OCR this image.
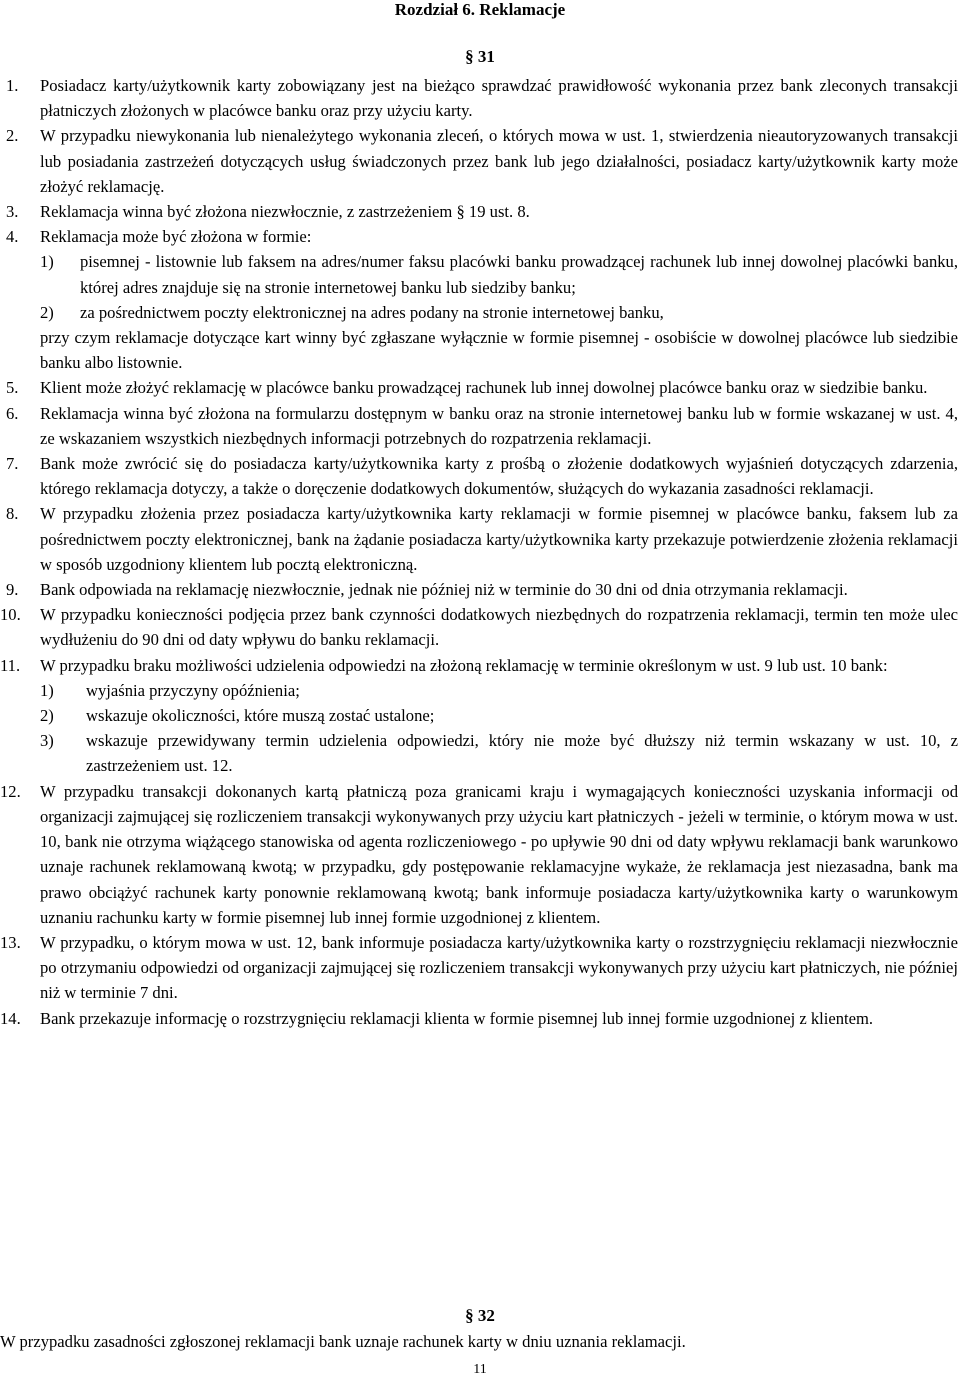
Rozdział 6. Reklamacje
§ 31
1. Posiadacz karty/użytkownik karty zobowiązany jest na bieżąco sprawdzać prawidłowość wykonania przez bank zleconych transakcji płatniczych złożonych w placówce banku oraz przy użyciu karty.
2. W przypadku niewykonania lub nienależytego wykonania zleceń, o których mowa w ust. 1, stwierdzenia nieautoryzowanych transakcji lub posiadania zastrzeżeń dotyczących usług świadczonych przez bank lub jego działalności, posiadacz karty/użytkownik karty może złożyć reklamację.
3. Reklamacja winna być złożona niezwłocznie, z zastrzeżeniem § 19 ust. 8.
4. Reklamacja może być złożona w formie:
1) pisemnej - listownie lub faksem na adres/numer faksu placówki banku prowadzącej rachunek lub innej dowolnej placówki banku, której adres znajduje się na stronie internetowej banku lub siedziby banku;
2) za pośrednictwem poczty elektronicznej na adres podany na stronie internetowej banku,
przy czym reklamacje dotyczące kart winny być zgłaszane wyłącznie w formie pisemnej - osobiście w dowolnej placówce lub siedzibie banku albo listownie.
5. Klient może złożyć reklamację w placówce banku prowadzącej rachunek lub innej dowolnej placówce banku oraz w siedzibie banku.
6. Reklamacja winna być złożona na formularzu dostępnym w banku oraz na stronie internetowej banku lub w formie wskazanej w ust. 4, ze wskazaniem wszystkich niezbędnych informacji potrzebnych do rozpatrzenia reklamacji.
7. Bank może zwrócić się do posiadacza karty/użytkownika karty z prośbą o złożenie dodatkowych wyjaśnień dotyczących zdarzenia, którego reklamacja dotyczy, a także o doręczenie dodatkowych dokumentów, służących do wykazania zasadności reklamacji.
8. W przypadku złożenia przez posiadacza karty/użytkownika karty reklamacji w formie pisemnej w placówce banku, faksem lub za pośrednictwem poczty elektronicznej, bank na żądanie posiadacza karty/użytkownika karty przekazuje potwierdzenie złożenia reklamacji w sposób uzgodniony klientem lub pocztą elektroniczną.
9. Bank odpowiada na reklamację niezwłocznie, jednak nie później niż w terminie do 30 dni od dnia otrzymania reklamacji.
10. W przypadku konieczności podjęcia przez bank czynności dodatkowych niezbędnych do rozpatrzenia reklamacji, termin ten może ulec wydłużeniu do 90 dni od daty wpływu do banku reklamacji.
11. W przypadku braku możliwości udzielenia odpowiedzi na złożoną reklamację w terminie określonym w ust. 9 lub ust. 10 bank:
1) wyjaśnia przyczyny opóźnienia;
2) wskazuje okoliczności, które muszą zostać ustalone;
3) wskazuje przewidywany termin udzielenia odpowiedzi, który nie może być dłuższy niż termin wskazany w ust. 10, z zastrzeżeniem ust. 12.
12. W przypadku transakcji dokonanych kartą płatniczą poza granicami kraju i wymagających konieczności uzyskania informacji od organizacji zajmującej się rozliczeniem transakcji wykonywanych przy użyciu kart płatniczych - jeżeli w terminie, o którym mowa w ust. 10, bank nie otrzyma wiążącego stanowiska od agenta rozliczeniowego - po upływie 90 dni od daty wpływu reklamacji bank warunkowo uznaje rachunek reklamowaną kwotą; w przypadku, gdy postępowanie reklamacyjne wykaże, że reklamacja jest niezasadna, bank ma prawo obciążyć rachunek karty ponownie reklamowaną kwotą; bank informuje posiadacza karty/użytkownika karty o warunkowym uznaniu rachunku karty w formie pisemnej lub innej formie uzgodnionej z klientem.
13. W przypadku, o którym mowa w ust. 12, bank informuje posiadacza karty/użytkownika karty o rozstrzygnięciu reklamacji niezwłocznie po otrzymaniu odpowiedzi od organizacji zajmującej się rozliczeniem transakcji wykonywanych przy użyciu kart płatniczych, nie później niż w terminie 7 dni.
14. Bank przekazuje informację o rozstrzygnięciu reklamacji klienta w formie pisemnej lub innej formie uzgodnionej z klientem.
§ 32
W przypadku zasadności zgłoszonej reklamacji bank uznaje rachunek karty w dniu uznania reklamacji.
11
